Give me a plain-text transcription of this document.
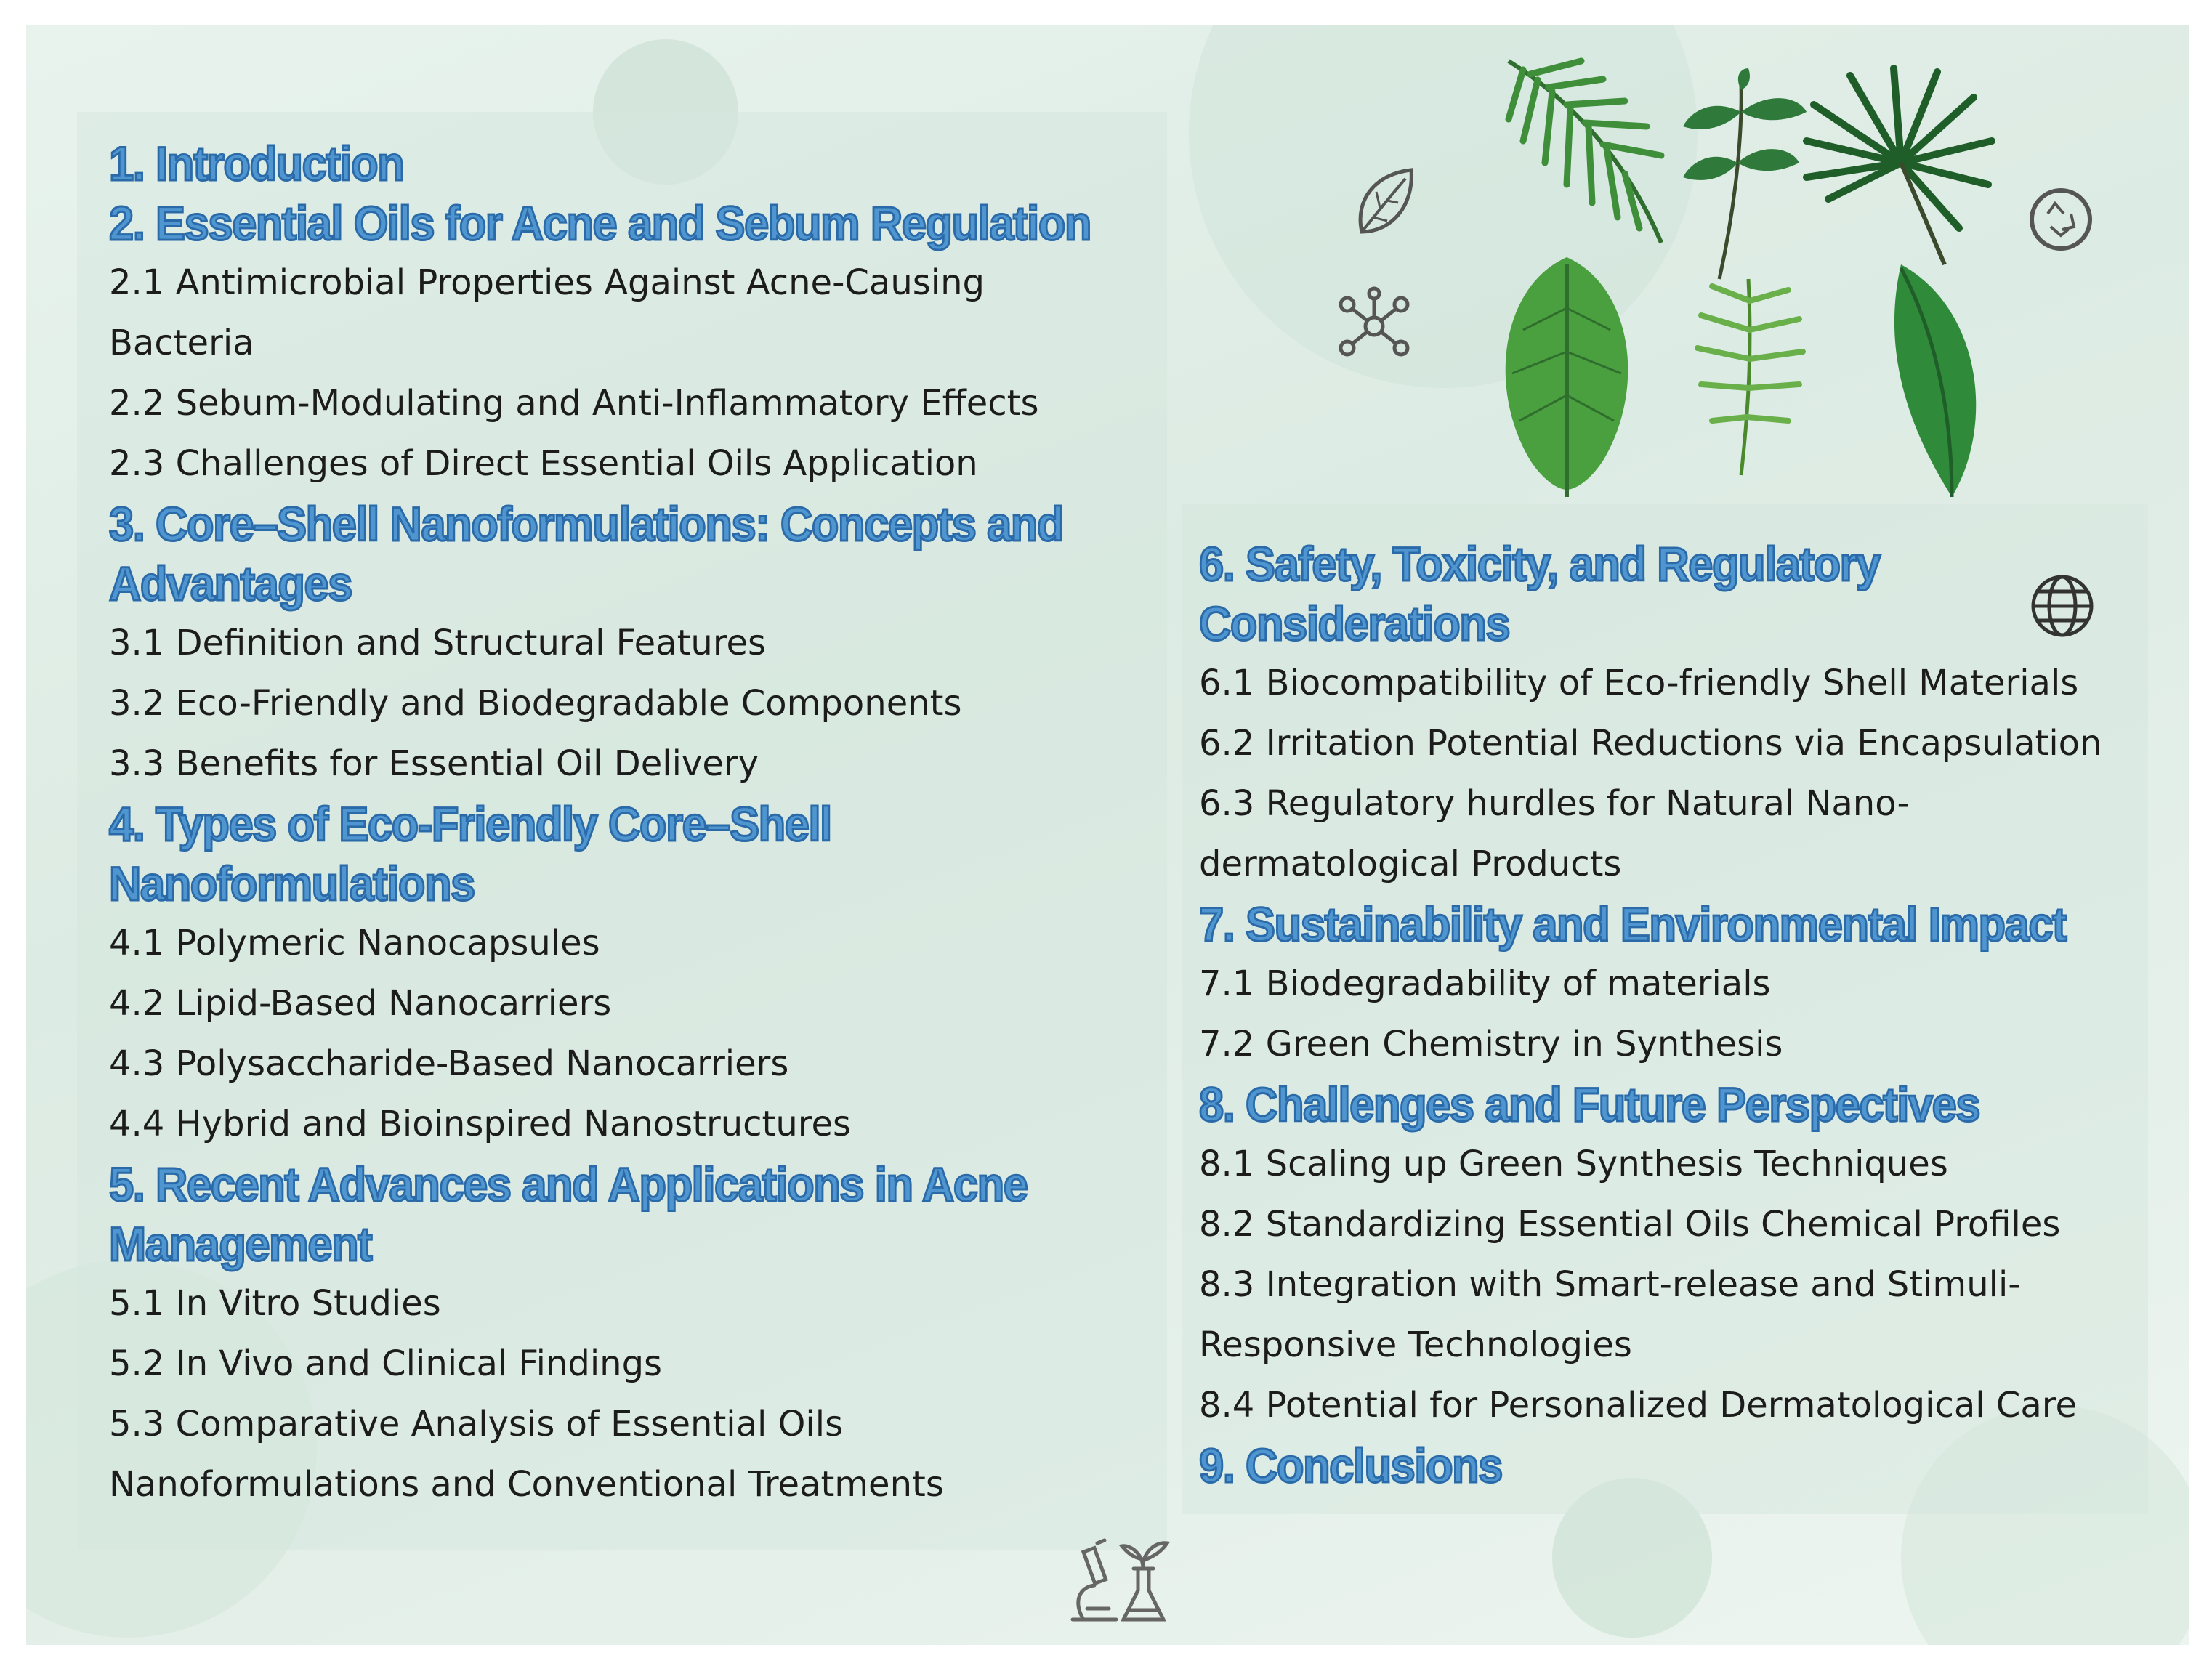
1. Introduction
2. Essential Oils for Acne and Sebum Regulation
2.1 Antimicrobial Properties Against Acne-Causing
Bacteria
2.2 Sebum-Modulating and Anti-Inflammatory Effects
2.3 Challenges of Direct Essential Oils Application
3. Core–Shell Nanoformulations: Concepts and
Advantages
3.1 Definition and Structural Features
3.2 Eco-Friendly and Biodegradable Components
3.3 Benefits for Essential Oil Delivery
4. Types of Eco-Friendly Core–Shell
Nanoformulations
4.1 Polymeric Nanocapsules
4.2 Lipid-Based Nanocarriers
4.3 Polysaccharide-Based Nanocarriers
4.4 Hybrid and Bioinspired Nanostructures
5. Recent Advances and Applications in Acne
Management
5.1 In Vitro Studies
5.2 In Vivo and Clinical Findings
5.3 Comparative Analysis of Essential Oils
Nanoformulations and Conventional Treatments
6. Safety, Toxicity, and Regulatory
Considerations
6.1 Biocompatibility of Eco-friendly Shell Materials
6.2 Irritation Potential Reductions via Encapsulation
6.3 Regulatory hurdles for Natural Nano-
dermatological Products
7. Sustainability and Environmental Impact
7.1 Biodegradability of materials
7.2 Green Chemistry in Synthesis
8. Challenges and Future Perspectives
8.1 Scaling up Green Synthesis Techniques
8.2 Standardizing Essential Oils Chemical Profiles
8.3 Integration with Smart-release and Stimuli-
Responsive Technologies
8.4 Potential for Personalized Dermatological Care
9. Conclusions
